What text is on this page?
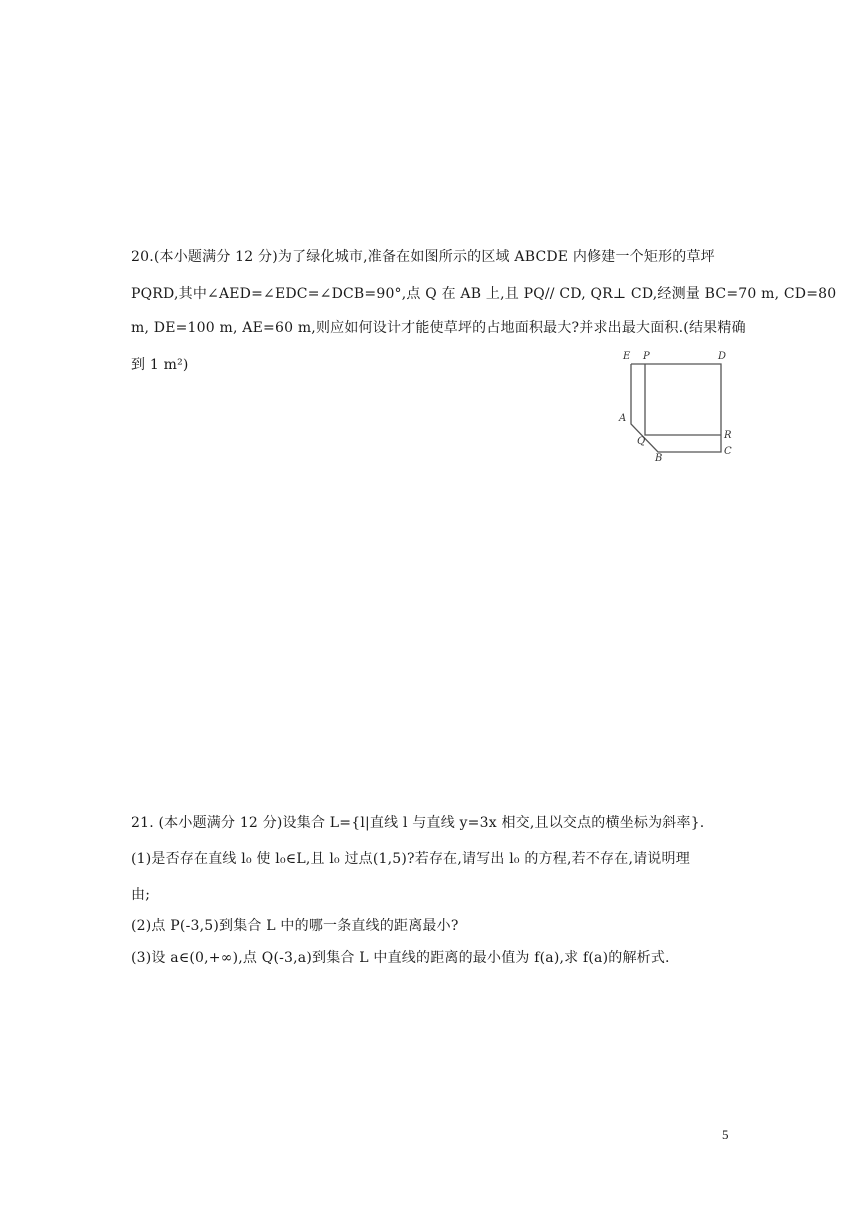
20.(本小题满分 12 分)为了绿化城市,准备在如图所示的区域 ABCDE 内修建一个矩形的草坪
PQRD,其中∠AED=∠EDC=∠DCB=90°,点 Q 在 AB 上,且 PQ// CD, QR⊥ CD,经测量 BC=70 m, CD=80
m, DE=100 m, AE=60 m,则应如何设计才能使草坪的占地面积最大?并求出最大面积.(结果精确
到 1 m²)
E P	D
A
Q
R
B
C
21. (本小题满分 12 分)设集合 L={l|直线 l 与直线 y=3x 相交,且以交点的横坐标为斜率}.
(1)是否存在直线 l₀ 使 l₀∈L,且 l₀ 过点(1,5)?若存在,请写出 l₀ 的方程,若不存在,请说明理
由;
(2)点 P(-3,5)到集合 L 中的哪一条直线的距离最小?
(3)设 a∈(0,+∞),点 Q(-3,a)到集合 L 中直线的距离的最小值为 f(a),求 f(a)的解析式.
5
